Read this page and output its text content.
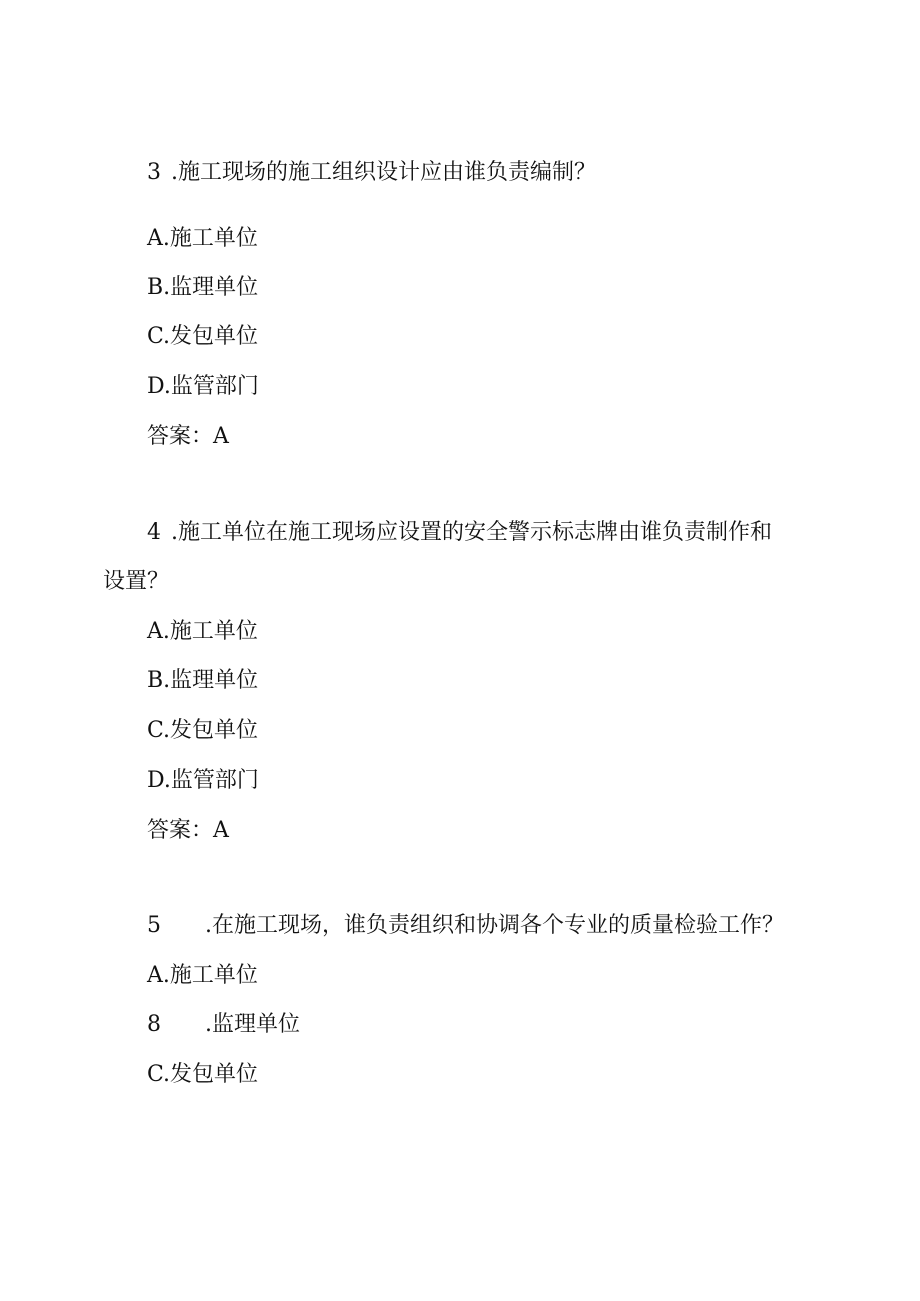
3 .施工现场的施工组织设计应由谁负责编制？
A.施工单位
B.监理单位
C.发包单位
D.监管部门
答案：A
4 .施工单位在施工现场应设置的安全警示标志牌由谁负责制作和
设置？
A.施工单位
B.监理单位
C.发包单位
D.监管部门
答案：A
5 .在施工现场，谁负责组织和协调各个专业的质量检验工作？
A.施工单位
8 .监理单位
C.发包单位
